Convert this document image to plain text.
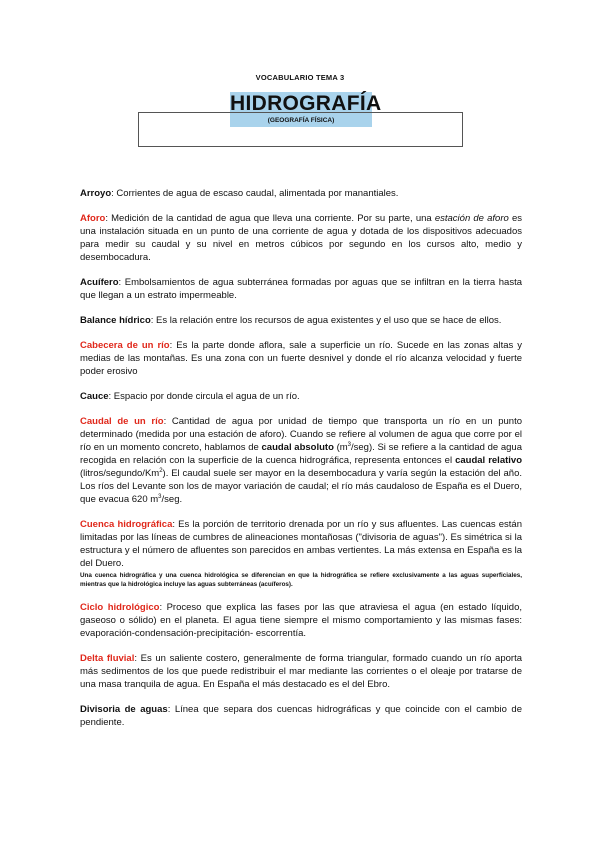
VOCABULARIO TEMA 3
HIDROGRAFÍA
(GEOGRAFÍA FÍSICA)

Arroyo: Corrientes de agua de escaso caudal, alimentada por manantiales.

Aforo: Medición de la cantidad de agua que lleva una corriente. Por su parte, una estación de aforo es una instalación situada en un punto de una corriente de agua y dotada de los dispositivos adecuados para medir su caudal y su nivel en metros cúbicos por segundo en los cursos alto, medio y desembocadura.

Acuífero: Embolsamientos de agua subterránea formadas por aguas que se infiltran en la tierra hasta que llegan a un estrato impermeable.

Balance hídrico: Es la relación entre los recursos de agua existentes y el uso que se hace de ellos.

Cabecera de un río: Es la parte donde aflora, sale a superficie un río. Sucede en las zonas altas y medias de las montañas. Es una zona con un fuerte desnivel y donde el río alcanza velocidad y fuerte poder erosivo

Cauce: Espacio por donde circula el agua de un río.

Caudal de un río: Cantidad de agua por unidad de tiempo que transporta un río en un punto determinado (medida por una estación de aforo). Cuando se refiere al volumen de agua que corre por el río en un momento concreto, hablamos de caudal absoluto $(m^3/seg)$. Si se refiere a la cantidad de agua recogida en relación con la superficie de la cuenca hidrográfica, representa entonces el caudal relativo (litros/segundo/Km$^2$). El caudal suele ser mayor en la desembocadura y varía según la estación del año. Los ríos del Levante son los de mayor variación de caudal; el río más caudaloso de España es el Duero, que evacua 620 $m^3$/seg.

Cuenca hidrográfica: Es la porción de territorio drenada por un río y sus afluentes. Las cuencas están limitadas por las líneas de cumbres de alineaciones montañosas ("divisoria de aguas"). Es simétrica si la estructura y el número de afluentes son parecidos en ambas vertientes. La más extensa en España es la del Duero.
Una cuenca hidrográfica y una cuenca hidrológica se diferencian en que la hidrográfica se refiere exclusivamente a las aguas superficiales, mientras que la hidrológica incluye las aguas subterráneas (acuíferos).

Ciclo hidrológico: Proceso que explica las fases por las que atraviesa el agua (en estado líquido, gaseoso o sólido) en el planeta. El agua tiene siempre el mismo comportamiento y las mismas fases: evaporación-condensación-precipitación- escorrentía.

Delta fluvial: Es un saliente costero, generalmente de forma triangular, formado cuando un río aporta más sedimentos de los que puede redistribuir el mar mediante las corrientes o el oleaje por tratarse de una masa tranquila de agua. En España el más destacado es el del Ebro.

Divisoria de aguas: Línea que separa dos cuencas hidrográficas y que coincide con el cambio de pendiente.
